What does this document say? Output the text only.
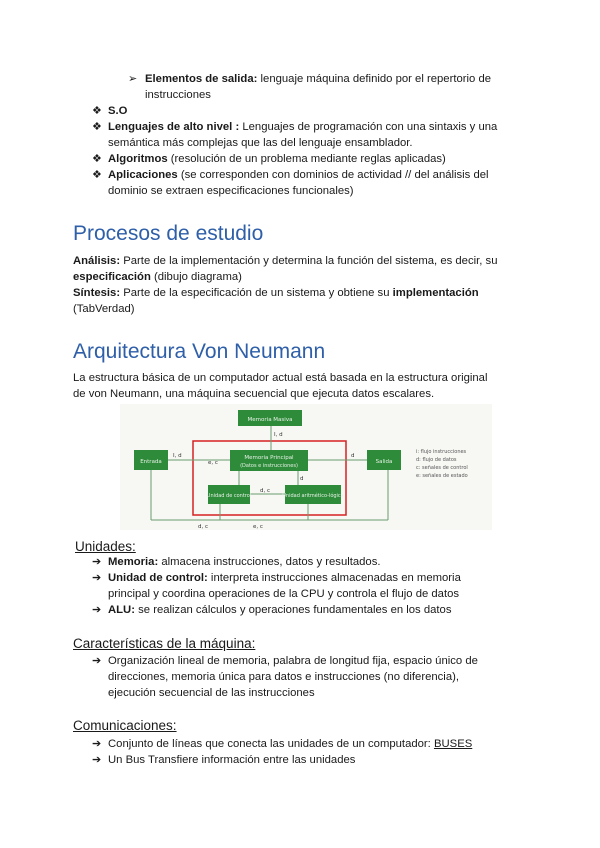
➢ Elementos de salida: lenguaje máquina definido por el repertorio de
instrucciones
❖ S.O
❖ Lenguajes de alto nivel : Lenguajes de programación con una sintaxis y una
semántica más complejas que las del lenguaje ensamblador.
❖ Algoritmos (resolución de un problema mediante reglas aplicadas)
❖ Aplicaciones (se corresponden con dominios de actividad // del análisis del
dominio se extraen especificaciones funcionales)
Procesos de estudio
Análisis: Parte de la implementación y determina la función del sistema, es decir, su
especificación (dibujo diagrama)
Síntesis: Parte de la especificación de un sistema y obtiene su implementación
(TabVerdad)
Arquitectura Von Neumann
La estructura básica de un computador actual está basada en la estructura original
de von Neumann, una máquina secuencial que ejecuta datos escalares.
Memoria Masiva
Memoria Principal
(Datos e instrucciones)
Entrada	Salida
Unidad de control	Unidad aritmético-lógica
I, d
I, d
e, c
d
d
d, c
d, c	e, c
i: flujo instrucciones
d: flujo de datos
c: señales de control
e: señales de estado
Unidades:
➔ Memoria: almacena instrucciones, datos y resultados.
➔ Unidad de control: interpreta instrucciones almacenadas en memoria
principal y coordina operaciones de la CPU y controla el flujo de datos
➔ ALU: se realizan cálculos y operaciones fundamentales en los datos
Características de la máquina:
➔ Organización lineal de memoria, palabra de longitud fija, espacio único de
direcciones, memoria única para datos e instrucciones (no diferencia),
ejecución secuencial de las instrucciones
Comunicaciones:
➔ Conjunto de líneas que conecta las unidades de un computador: BUSES
➔ Un Bus Transfiere información entre las unidades
